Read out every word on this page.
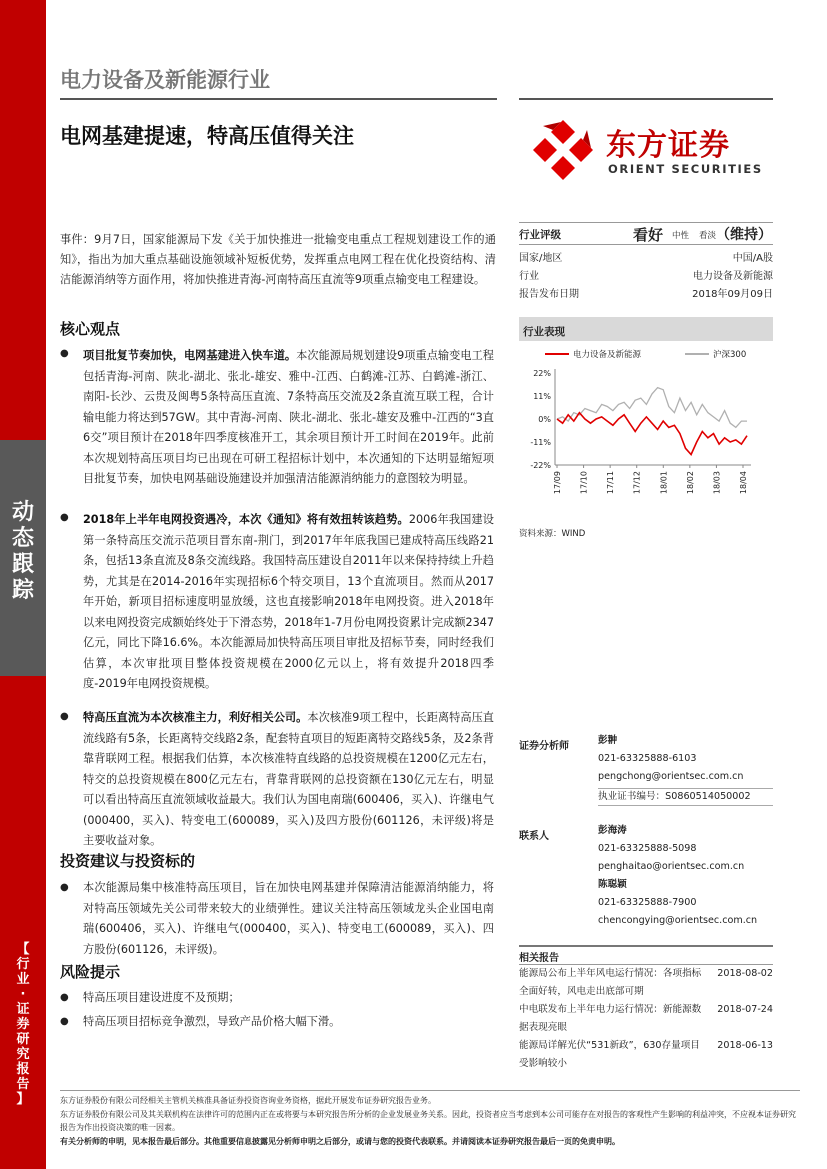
动
态
跟
踪
【
行
业
·
证
券
研
究
报
告
】
电力设备及新能源行业
电网基建提速，特高压值得关注	东方证券
ORIENT SECURITIES
事件：9月7日，国家能源局下发《关于加快推进一批输变电重点工程规划建设工作的通知》，指出为加大重点基础设施领域补短板优势，发挥重点电网工程在优化投资结构、清洁能源消纳等方面作用，将加快推进青海-河南特高压直流等9项重点输变电工程建设。
核心观点
● 项目批复节奏加快，电网基建进入快车道。本次能源局规划建设9项重点输变电工程包括青海-河南、陕北-湖北、张北-雄安、雅中-江西、白鹤滩-江苏、白鹤滩-浙江、南阳-长沙、云贵及闽粤5条特高压直流、7条特高压交流及2条直流互联工程，合计输电能力将达到57GW。其中青海-河南、陕北-湖北、张北-雄安及雅中-江西的“3直6交”项目预计在2018年四季度核准开工，其余项目预计开工时间在2019年。此前本次规划特高压项目均已出现在可研工程招标计划中，本次通知的下达明显缩短项目批复节奏，加快电网基础设施建设并加强清洁能源消纳能力的意图较为明显。
● 2018年上半年电网投资遇冷，本次《通知》将有效扭转该趋势。2006年我国建设第一条特高压交流示范项目晋东南-荆门，到2017年年底我国已建成特高压线路21条，包括13条直流及8条交流线路。我国特高压建设自2011年以来保持持续上升趋势，尤其是在2014-2016年实现招标6个特交项目，13个直流项目。然而从2017年开始，新项目招标速度明显放缓，这也直接影响2018年电网投资。进入2018年以来电网投资完成额始终处于下滑态势，2018年1-7月份电网投资累计完成额2347亿元，同比下降16.6%。本次能源局加快特高压项目审批及招标节奏，同时经我们估算，本次审批项目整体投资规模在2000亿元以上，将有效提升2018四季度-2019年电网投资规模。
● 特高压直流为本次核准主力，利好相关公司。本次核准9项工程中，长距离特高压直流线路有5条，长距离特交线路2条，配套特直项目的短距离特交路线5条，及2条背靠背联网工程。根据我们估算，本次核准特直线路的总投资规模在1200亿元左右，特交的总投资规模在800亿元左右，背靠背联网的总投资额在130亿元左右，明显可以看出特高压直流领域收益最大。我们认为国电南瑞(600406，买入)、许继电气(000400，买入)、特变电工(600089，买入)及四方股份(601126，未评级)将是主要收益对象。
投资建议与投资标的
● 本次能源局集中核准特高压项目，旨在加快电网基建并保障清洁能源消纳能力，将对特高压领域先关公司带来较大的业绩弹性。建议关注特高压领域龙头企业国电南瑞(600406，买入)、许继电气(000400，买入)、特变电工(600089，买入)、四方股份(601126，未评级)。
风险提示
● 特高压项目建设进度不及预期；
● 特高压项目招标竞争激烈，导致产品价格大幅下滑。
行业评级	看好 中性 看淡 （维持）
国家/地区	中国/A股
行业	电力设备及新能源
报告发布日期	2018年09月09日
行业表现
电力设备及新能源	沪深300
22%
11%
0%
-11%
-22%
17/09 17/10 17/11 17/12 18/01 18/02 18/03 18/04
资料来源：WIND
证券分析师
彭翀
021-63325888-6103
pengchong@orientsec.com.cn
执业证书编号：S0860514050002
联系人
彭海涛
021-63325888-5098
penghaitao@orientsec.com.cn
陈聪颖
021-63325888-7900
chencongying@orientsec.com.cn
相关报告
能源局公布上半年风电运行情况：各项指标全面好转，风电走出底部可期
2018-08-02
中电联发布上半年电力运行情况：新能源数据表现亮眼
2018-07-24
能源局详解光伏“531新政”，630存量项目受影响较小
2018-06-13
东方证券股份有限公司经相关主管机关核准具备证券投资咨询业务资格，据此开展发布证券研究报告业务。
东方证券股份有限公司及其关联机构在法律许可的范围内正在或将要与本研究报告所分析的企业发展业务关系。因此，投资者应当考虑到本公司可能存在对报告的客观性产生影响的利益冲突，不应视本证券研究报告为作出投资决策的唯一因素。
有关分析师的申明，见本报告最后部分。其他重要信息披露见分析师申明之后部分，或请与您的投资代表联系。并请阅读本证券研究报告最后一页的免责申明。
